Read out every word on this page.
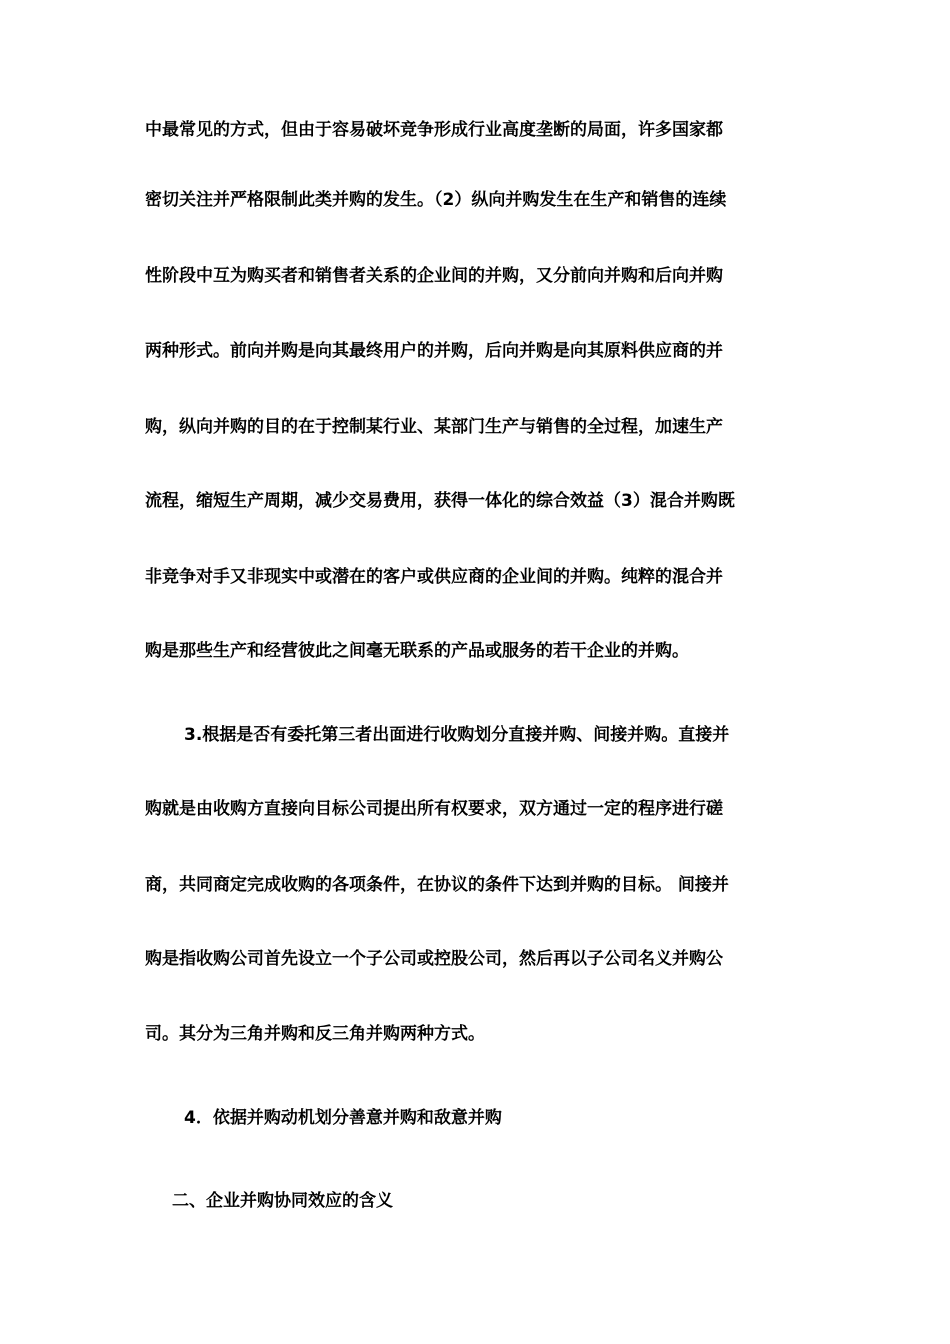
中最常见的方式，但由于容易破坏竞争形成行业高度垄断的局面，许多国家都
密切关注并严格限制此类并购的发生。（2）纵向并购发生在生产和销售的连续
性阶段中互为购买者和销售者关系的企业间的并购，又分前向并购和后向并购
两种形式。前向并购是向其最终用户的并购，后向并购是向其原料供应商的并
购，纵向并购的目的在于控制某行业、某部门生产与销售的全过程，加速生产
流程，缩短生产周期，减少交易费用，获得一体化的综合效益（3）混合并购既
非竞争对手又非现实中或潜在的客户或供应商的企业间的并购。纯粹的混合并
购是那些生产和经营彼此之间毫无联系的产品或服务的若干企业的并购。
3.根据是否有委托第三者出面进行收购划分直接并购、间接并购。直接并
购就是由收购方直接向目标公司提出所有权要求，双方通过一定的程序进行磋
商，共同商定完成收购的各项条件，在协议的条件下达到并购的目标。 间接并
购是指收购公司首先设立一个子公司或控股公司，然后再以子公司名义并购公
司。其分为三角并购和反三角并购两种方式。
4．依据并购动机划分善意并购和敌意并购
二、企业并购协同效应的含义
